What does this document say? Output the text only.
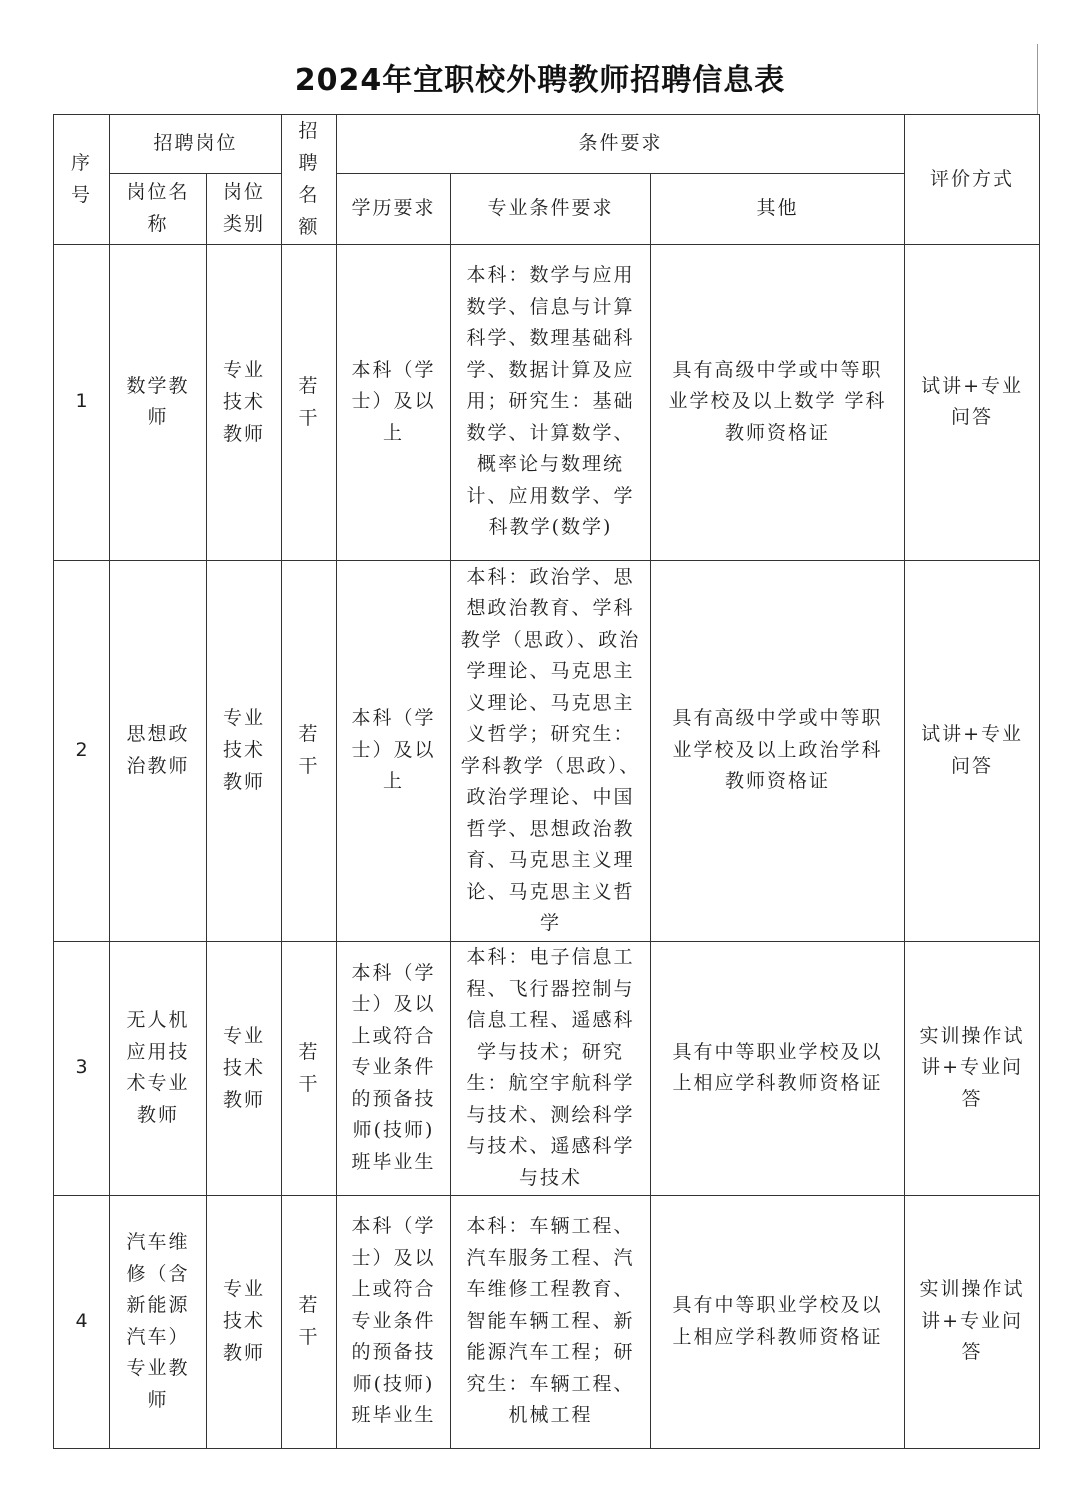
2024年宜职校外聘教师招聘信息表
序号	招聘岗位		招聘名额	条件要求			评价方式
	岗位名称	岗位类别		学历要求	专业条件要求	其他	
1	数学教师	专业技术教师	若干	本科（学士）及以上	本科：数学与应用数学、信息与计算科学、数理基础科学、数据计算及应用；研究生：基础数学、计算数学、概率论与数理统计、应用数学、学科教学(数学)	具有高级中学或中等职业学校及以上数学 学科教师资格证	试讲+专业问答
2	思想政治教师	专业技术教师	若干	本科（学士）及以上	本科：政治学、思想政治教育、学科教学（思政）、政治学理论、马克思主义理论、马克思主义哲学；研究生：学科教学（思政）、政治学理论、中国哲学、思想政治教育、马克思主义理论、马克思主义哲学	具有高级中学或中等职业学校及以上政治学科教师资格证	试讲+专业问答
3	无人机应用技术专业教师	专业技术教师	若干	本科（学士）及以上或符合专业条件的预备技师(技师)班毕业生	本科：电子信息工程、飞行器控制与信息工程、遥感科学与技术；研究生：航空宇航科学与技术、测绘科学与技术、遥感科学与技术	具有中等职业学校及以上相应学科教师资格证	实训操作试讲+专业问答
4	汽车维修（含新能源汽车）专业教师	专业技术教师	若干	本科（学士）及以上或符合专业条件的预备技师(技师)班毕业生	本科：车辆工程、汽车服务工程、汽车维修工程教育、智能车辆工程、新能源汽车工程；研究生：车辆工程、机械工程	具有中等职业学校及以上相应学科教师资格证	实训操作试讲+专业问答
